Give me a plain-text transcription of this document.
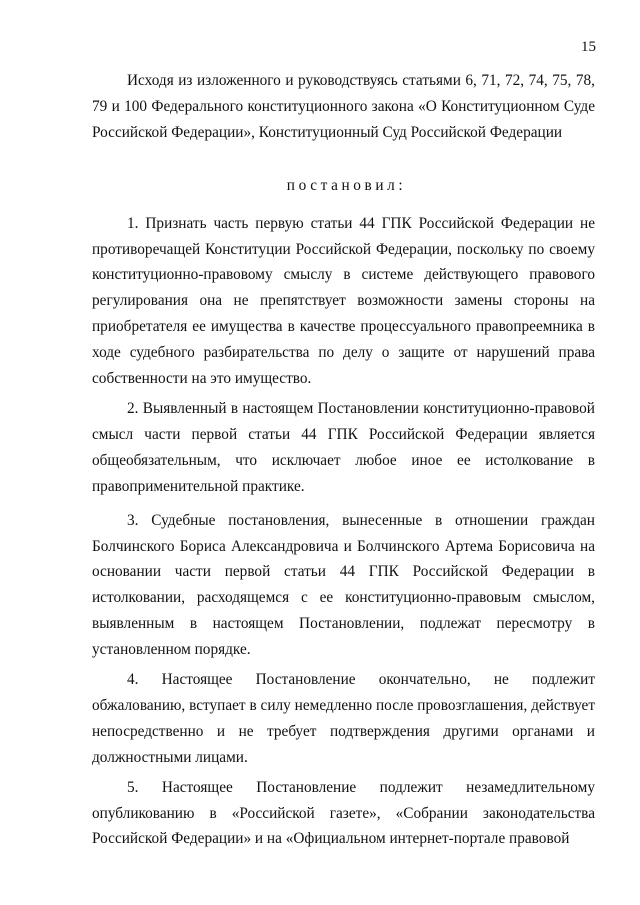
15

Исходя из изложенного и руководствуясь статьями 6, 71, 72, 74, 75, 78, 79 и 100 Федерального конституционного закона «О Конституционном Суде Российской Федерации», Конституционный Суд Российской Федерации

постановил:

1. Признать часть первую статьи 44 ГПК Российской Федерации не противоречащей Конституции Российской Федерации, поскольку по своему конституционно-правовому смыслу в системе действующего правового регулирования она не препятствует возможности замены стороны на приобретателя ее имущества в качестве процессуального правопреемника в ходе судебного разбирательства по делу о защите от нарушений права собственности на это имущество.

2. Выявленный в настоящем Постановлении конституционно-правовой смысл части первой статьи 44 ГПК Российской Федерации является общеобязательным, что исключает любое иное ее истолкование в правоприменительной практике.

3. Судебные постановления, вынесенные в отношении граждан Болчинского Бориса Александровича и Болчинского Артема Борисовича на основании части первой статьи 44 ГПК Российской Федерации в истолковании, расходящемся с ее конституционно-правовым смыслом, выявленным в настоящем Постановлении, подлежат пересмотру в установленном порядке.

4. Настоящее Постановление окончательно, не подлежит обжалованию, вступает в силу немедленно после провозглашения, действует непосредственно и не требует подтверждения другими органами и должностными лицами.

5. Настоящее Постановление подлежит незамедлительному опубликованию в «Российской газете», «Собрании законодательства Российской Федерации» и на «Официальном интернет-портале правовой
